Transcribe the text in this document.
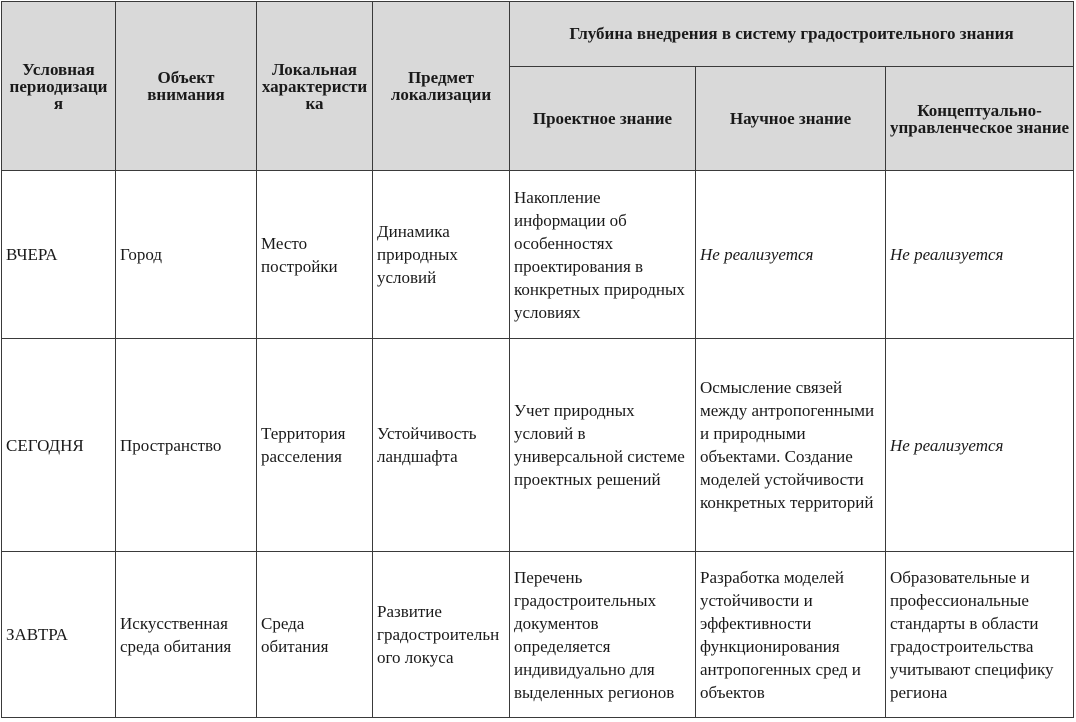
Условная периодизация	Объект внимания	Локальная характеристика	Предмет локализации	Глубина внедрения в систему градостроительного знания		
				Проектное знание	Научное знание	Концептуально-управленческое знание
ВЧЕРА	Город	Место постройки	Динамика природных условий	Накопление информации об особенностях проектирования в конкретных природных условиях	Не реализуется	Не реализуется
СЕГОДНЯ	Пространство	Территория расселения	Устойчивость ландшафта	Учет природных условий в универсальной системе проектных решений	Осмысление связей между антропогенными и природными объектами. Создание моделей устойчивости конкретных территорий	Не реализуется
ЗАВТРА	Искусственная среда обитания	Среда обитания	Развитие градостроительного локуса	Перечень градостроительных документов определяется индивидуально для выделенных регионов	Разработка моделей устойчивости и эффективности функционирования антропогенных сред и объектов	Образовательные и профессиональные стандарты в области градостроительства учитывают специфику региона
